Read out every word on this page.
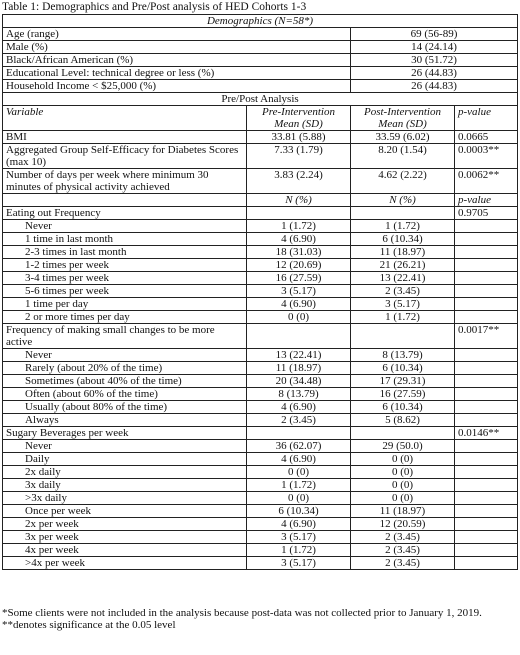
Table 1: Demographics and Pre/Post analysis of HED Cohorts 1-3
Demographics (N=58*)			
Age (range)		69 (56-89)	
Male (%)		14 (24.14)	
Black/African American (%)		30 (51.72)	
Educational Level: technical degree or less (%)		26 (44.83)	
Household Income < $25,000 (%)		26 (44.83)	
Pre/Post Analysis			
Variable	Pre-Intervention Mean (SD)	Post-Intervention Mean (SD)	p-value
BMI	33.81 (5.88)	33.59 (6.02)	0.0665
Aggregated Group Self-Efficacy for Diabetes Scores (max 10)	7.33 (1.79)	8.20 (1.54)	0.0003**
Number of days per week where minimum 30 minutes of physical activity achieved	3.83 (2.24)	4.62 (2.22)	0.0062**
	N (%)	N (%)	p-value
Eating out Frequency			0.9705
Never	1 (1.72)	1 (1.72)	
1 time in last month	4 (6.90)	6 (10.34)	
2-3 times in last month	18 (31.03)	11 (18.97)	
1-2 times per week	12 (20.69)	21 (26.21)	
3-4 times per week	16 (27.59)	13 (22.41)	
5-6 times per week	3 (5.17)	2 (3.45)	
1 time per day	4 (6.90)	3 (5.17)	
2 or more times per day	0 (0)	1 (1.72)	
Frequency of making small changes to be more active			0.0017**
Never	13 (22.41)	8 (13.79)	
Rarely (about 20% of the time)	11 (18.97)	6 (10.34)	
Sometimes (about 40% of the time)	20 (34.48)	17 (29.31)	
Often (about 60% of the time)	8 (13.79)	16 (27.59)	
Usually (about 80% of the time)	4 (6.90)	6 (10.34)	
Always	2 (3.45)	5 (8.62)	
Sugary Beverages per week			0.0146**
Never	36 (62.07)	29 (50.0)	
Daily	4 (6.90)	0 (0)	
2x daily	0 (0)	0 (0)	
3x daily	1 (1.72)	0 (0)	
>3x daily	0 (0)	0 (0)	
Once per week	6 (10.34)	11 (18.97)	
2x per week	4 (6.90)	12 (20.59)	
3x per week	3 (5.17)	2 (3.45)	
4x per week	1 (1.72)	2 (3.45)	
>4x per week	3 (5.17)	2 (3.45)	
*Some clients were not included in the analysis because post-data was not collected prior to January 1, 2019.
**denotes significance at the 0.05 level
